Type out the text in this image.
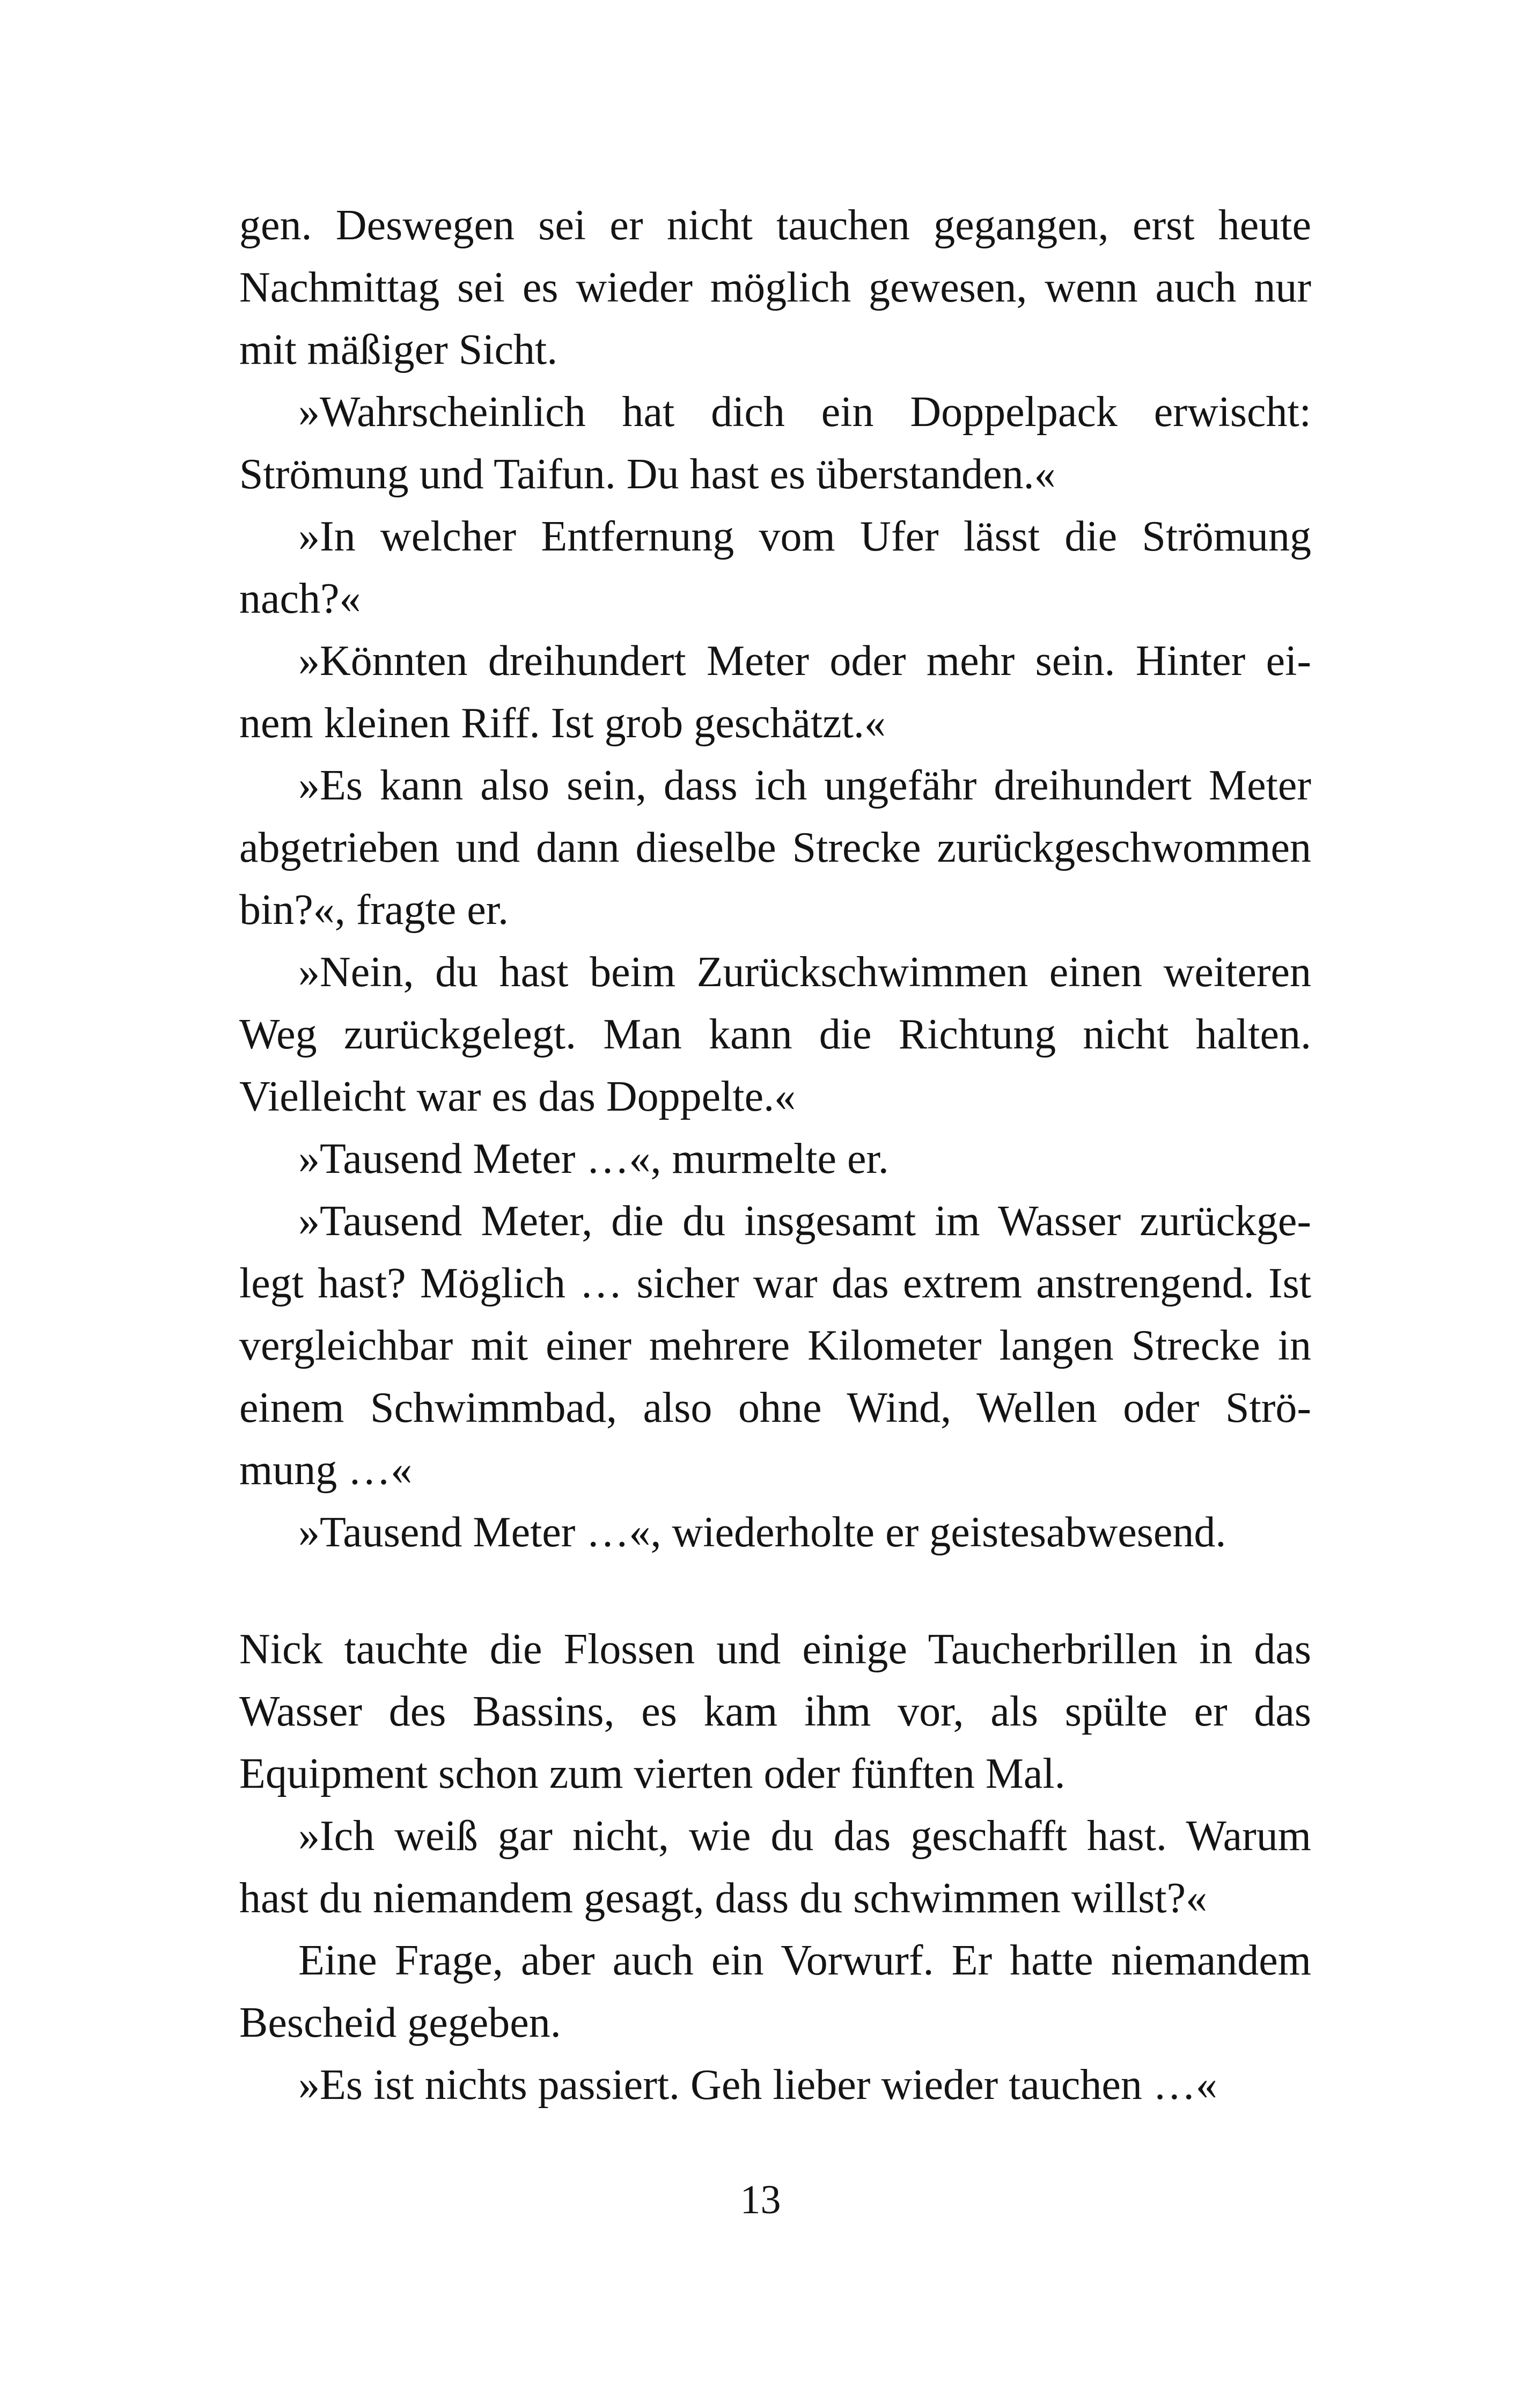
gen. Deswegen sei er nicht tauchen gegangen, erst heute
Nachmittag sei es wieder möglich gewesen, wenn auch nur
mit mäßiger Sicht.
»Wahrscheinlich hat dich ein Doppelpack erwischt:
Strömung und Taifun. Du hast es überstanden.«
»In welcher Entfernung vom Ufer lässt die Strömung
nach?«
»Könnten dreihundert Meter oder mehr sein. Hinter ei-
nem kleinen Riff. Ist grob geschätzt.«
»Es kann also sein, dass ich ungefähr dreihundert Meter
abgetrieben und dann dieselbe Strecke zurückgeschwommen
bin?«, fragte er.
»Nein, du hast beim Zurückschwimmen einen weiteren
Weg zurückgelegt. Man kann die Richtung nicht halten.
Vielleicht war es das Doppelte.«
»Tausend Meter …«, murmelte er.
»Tausend Meter, die du insgesamt im Wasser zurückge-
legt hast? Möglich … sicher war das extrem anstrengend. Ist
vergleichbar mit einer mehrere Kilometer langen Strecke in
einem Schwimmbad, also ohne Wind, Wellen oder Strö-
mung …«
»Tausend Meter …«, wiederholte er geistesabwesend.
Nick tauchte die Flossen und einige Taucherbrillen in das
Wasser des Bassins, es kam ihm vor, als spülte er das
Equipment schon zum vierten oder fünften Mal.
»Ich weiß gar nicht, wie du das geschafft hast. Warum
hast du niemandem gesagt, dass du schwimmen willst?«
Eine Frage, aber auch ein Vorwurf. Er hatte niemandem
Bescheid gegeben.
»Es ist nichts passiert. Geh lieber wieder tauchen …«
13
